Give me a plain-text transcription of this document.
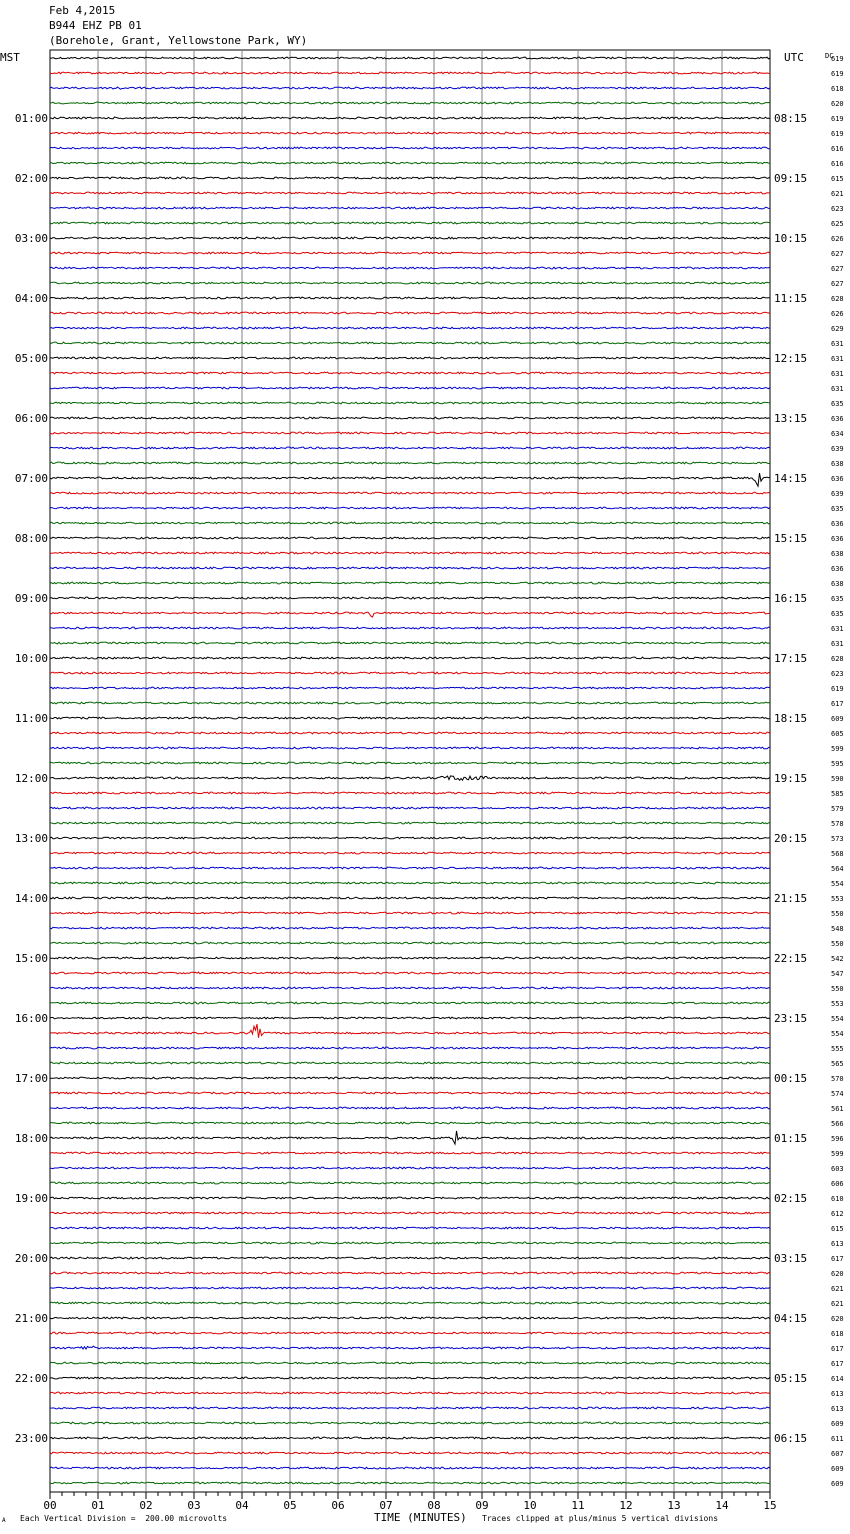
Feb 4,2015
B944 EHZ PB 01
(Borehole, Grant, Yellowstone Park, WY)
00	01	02	03	04	05	06	07	08	09	10	11	12	13	14	15
619
619
618
620
619
619
616
616
615
621
623
625
626
627
627
627
628
626
629
631
631
631
631
635
636
634
639
638
636
639
635
636
636
638
636
638
635
635
631
631
628
623
619
617
609
605
599
595
590
585
579
578
573
568
564
554
553
550
548
550
542
547
550
553
554
554
555
565
570
574
561
566
596
599
603
606
610
612
615
613
617
620
621
621
620
618
617
617
614
613
613
609
611
607
609
609
01:00	08:15
02:00	09:15
03:00	10:15
04:00	11:15
05:00	12:15
06:00	13:15
07:00	14:15
08:00	15:15
09:00	16:15
10:00	17:15
11:00	18:15
12:00	19:15
13:00	20:15
14:00	21:15
15:00	22:15
16:00	23:15
17:00	00:15
18:00	01:15
19:00	02:15
20:00	03:15
21:00	04:15
22:00	05:15
23:00	06:15
MST	UTC	DC
A Each Vertical Division =  200.00 microvolts	TIME (MINUTES) Traces clipped at plus/minus 5 vertical divisions
